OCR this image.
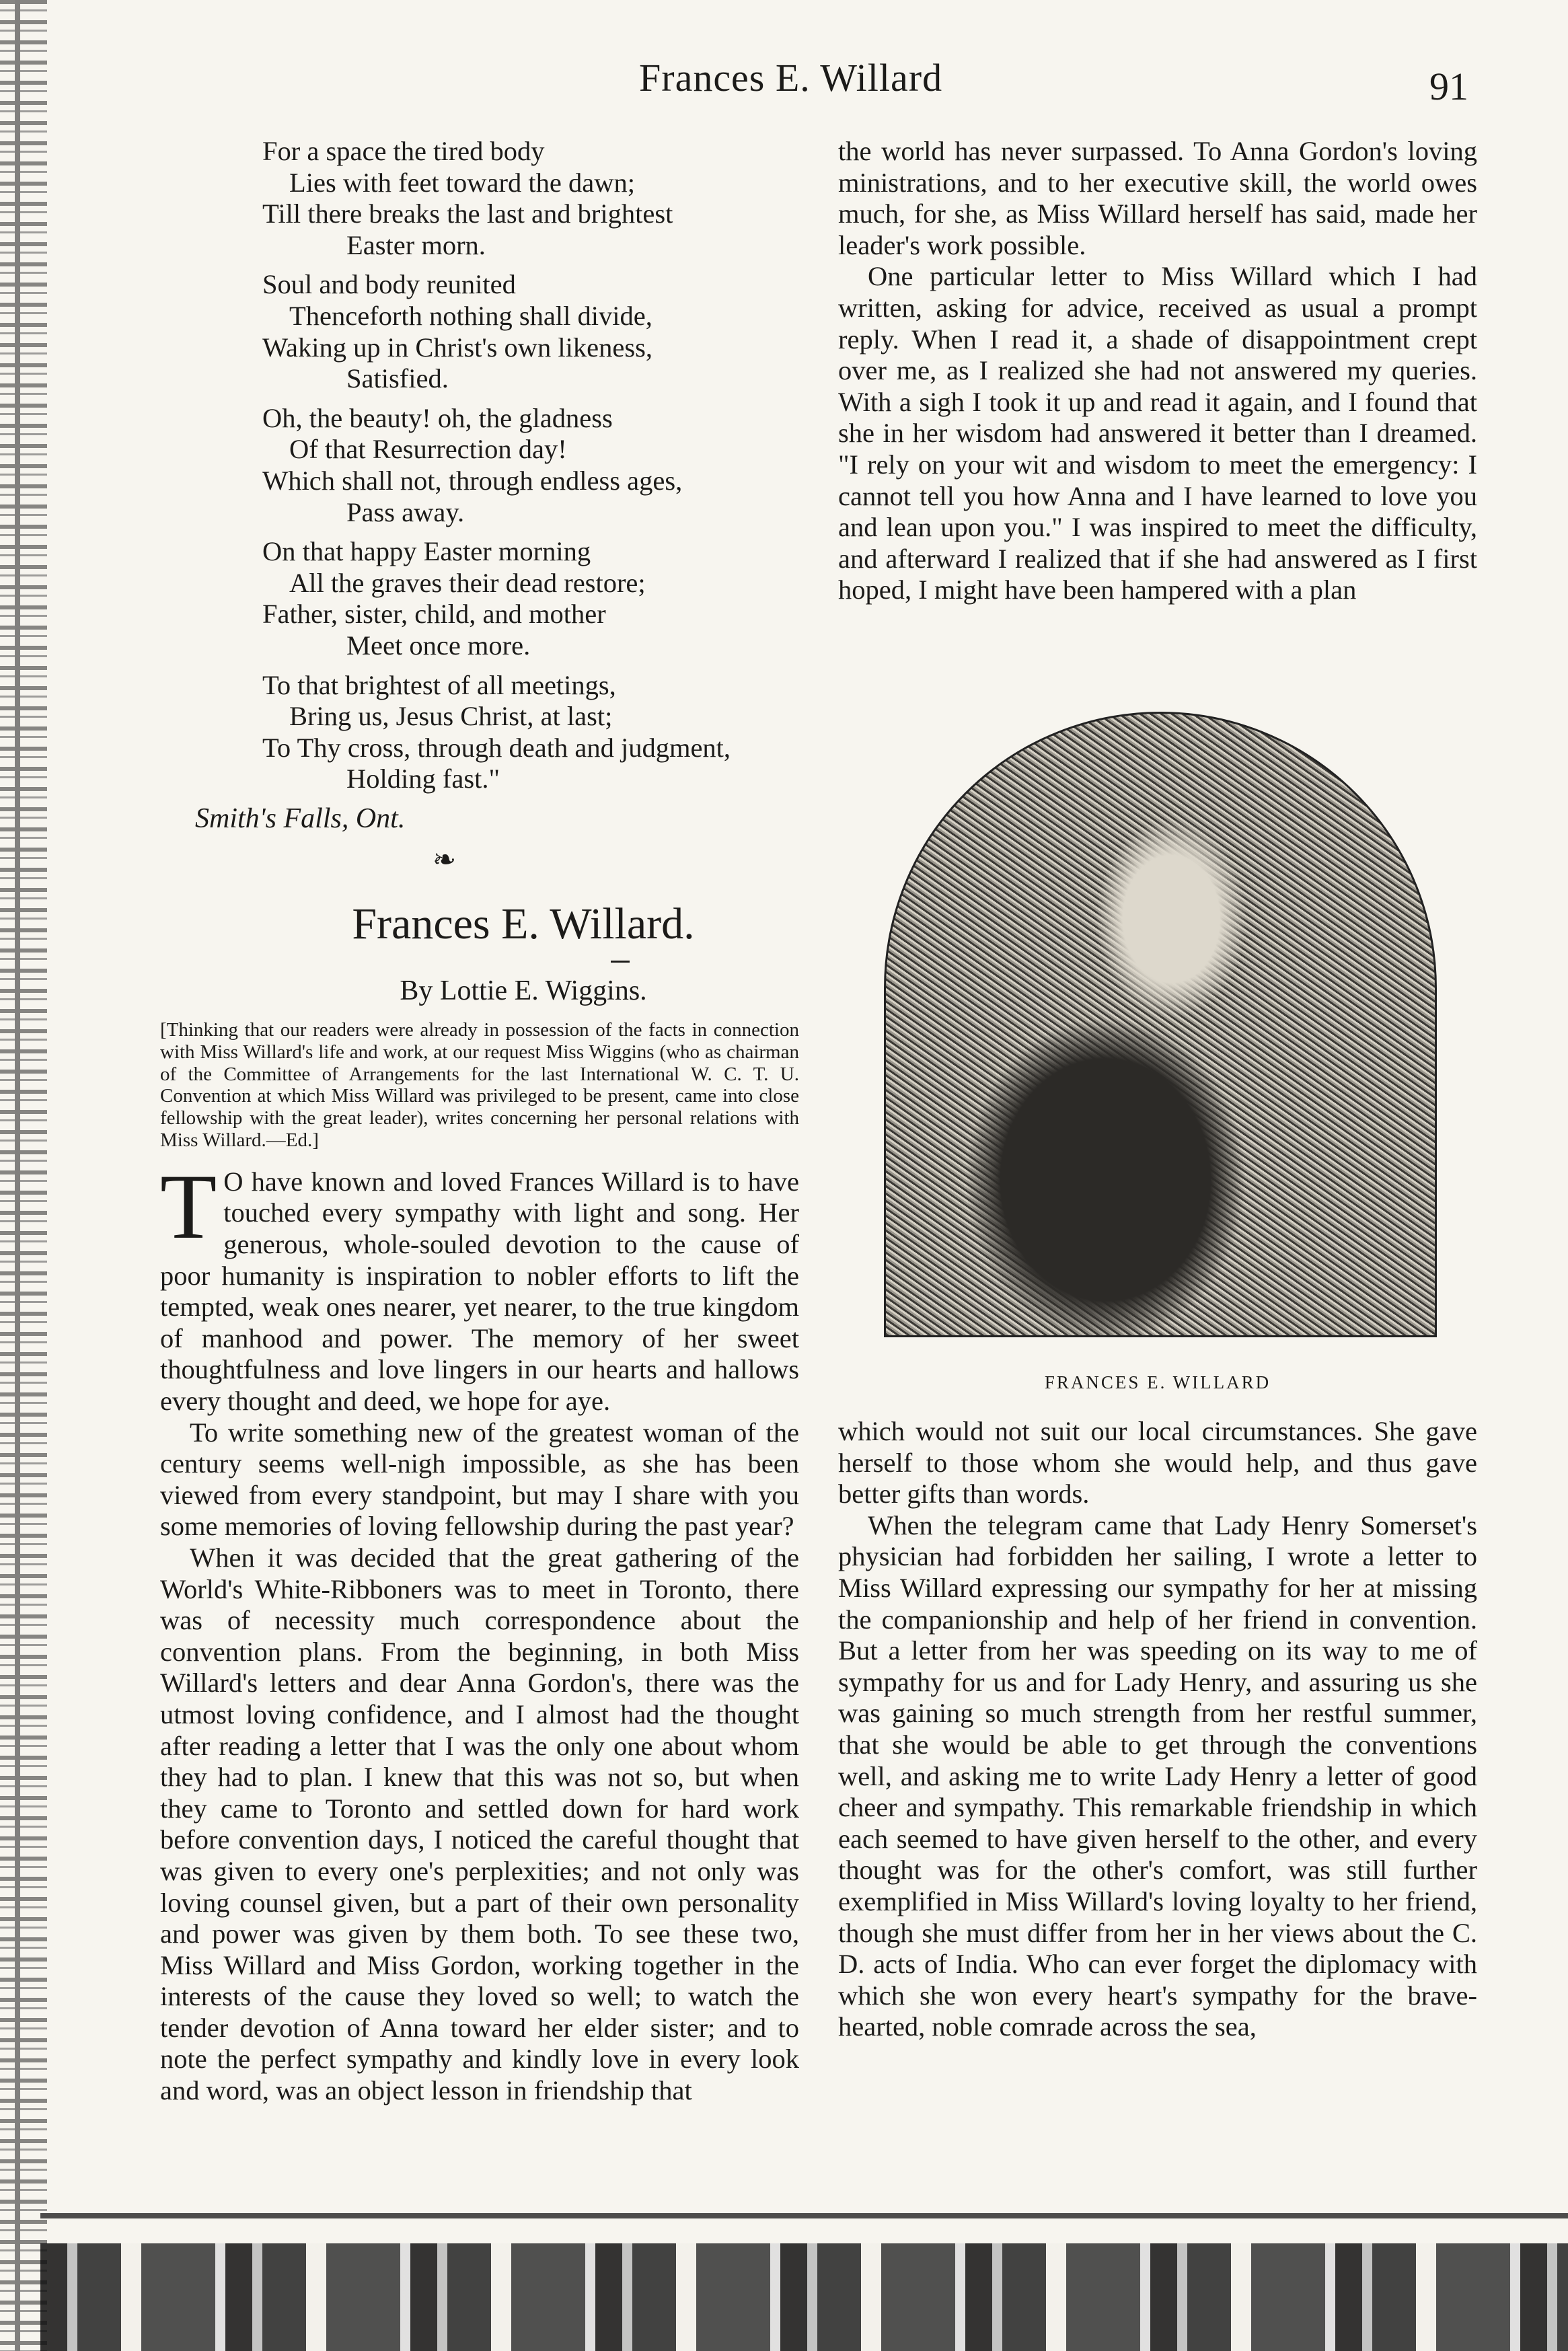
Frances E. Willard	91
For a space the tired body
Lies with feet toward the dawn;
Till there breaks the last and brightest
Easter morn.
Soul and body reunited
Thenceforth nothing shall divide,
Waking up in Christ's own likeness,
Satisfied.
Oh, the beauty! oh, the gladness
Of that Resurrection day!
Which shall not, through endless ages,
Pass away.
On that happy Easter morning
All the graves their dead restore;
Father, sister, child, and mother
Meet once more.
To that brightest of all meetings,
Bring us, Jesus Christ, at last;
To Thy cross, through death and judgment,
Holding fast."
Smith's Falls, Ont.
❧
Frances E. Willard.
By Lottie E. Wiggins.
[Thinking that our readers were already in possession of the facts in connection with Miss Willard's life and work, at our request Miss Wiggins (who as chairman of the Committee of Arrangements for the last International W. C. T. U. Convention at which Miss Willard was privileged to be present, came into close fellowship with the great leader), writes concerning her personal relations with Miss Willard.—Ed.]

T O have known and loved Frances Willard is to have touched every sympathy with light and song. Her generous, whole-souled devotion to the cause of poor humanity is inspiration to nobler efforts to lift the tempted, weak ones nearer, yet nearer, to the true kingdom of manhood and power. The memory of her sweet thoughtfulness and love lingers in our hearts and hallows every thought and deed, we hope for aye.

To write something new of the greatest woman of the century seems well-nigh impossible, as she has been viewed from every standpoint, but may I share with you some memories of loving fellowship during the past year?

When it was decided that the great gathering of the World's White-Ribboners was to meet in Toronto, there was of necessity much correspondence about the convention plans. From the beginning, in both Miss Willard's letters and dear Anna Gordon's, there was the utmost loving confidence, and I almost had the thought after reading a letter that I was the only one about whom they had to plan. I knew that this was not so, but when they came to Toronto and settled down for hard work before convention days, I noticed the careful thought that was given to every one's perplexities; and not only was loving counsel given, but a part of their own personality and power was given by them both. To see these two, Miss Willard and Miss Gordon, working together in the interests of the cause they loved so well; to watch the tender devotion of Anna toward her elder sister; and to note the perfect sympathy and kindly love in every look and word, was an object lesson in friendship that

the world has never surpassed. To Anna Gordon's loving ministrations, and to her executive skill, the world owes much, for she, as Miss Willard herself has said, made her leader's work possible.

One particular letter to Miss Willard which I had written, asking for advice, received as usual a prompt reply. When I read it, a shade of disappointment crept over me, as I realized she had not answered my queries. With a sigh I took it up and read it again, and I found that she in her wisdom had answered it better than I dreamed. "I rely on your wit and wisdom to meet the emergency: I cannot tell you how Anna and I have learned to love you and lean upon you." I was inspired to meet the difficulty, and afterward I realized that if she had answered as I first hoped, I might have been hampered with a plan

FRANCES E. WILLARD

which would not suit our local circumstances. She gave herself to those whom she would help, and thus gave better gifts than words.

When the telegram came that Lady Henry Somerset's physician had forbidden her sailing, I wrote a letter to Miss Willard expressing our sympathy for her at missing the companionship and help of her friend in convention. But a letter from her was speeding on its way to me of sympathy for us and for Lady Henry, and assuring us she was gaining so much strength from her restful summer, that she would be able to get through the conventions well, and asking me to write Lady Henry a letter of good cheer and sympathy. This remarkable friendship in which each seemed to have given herself to the other, and every thought was for the other's comfort, was still further exemplified in Miss Willard's loving loyalty to her friend, though she must differ from her in her views about the C. D. acts of India. Who can ever forget the diplomacy with which she won every heart's sympathy for the brave-hearted, noble comrade across the sea,
